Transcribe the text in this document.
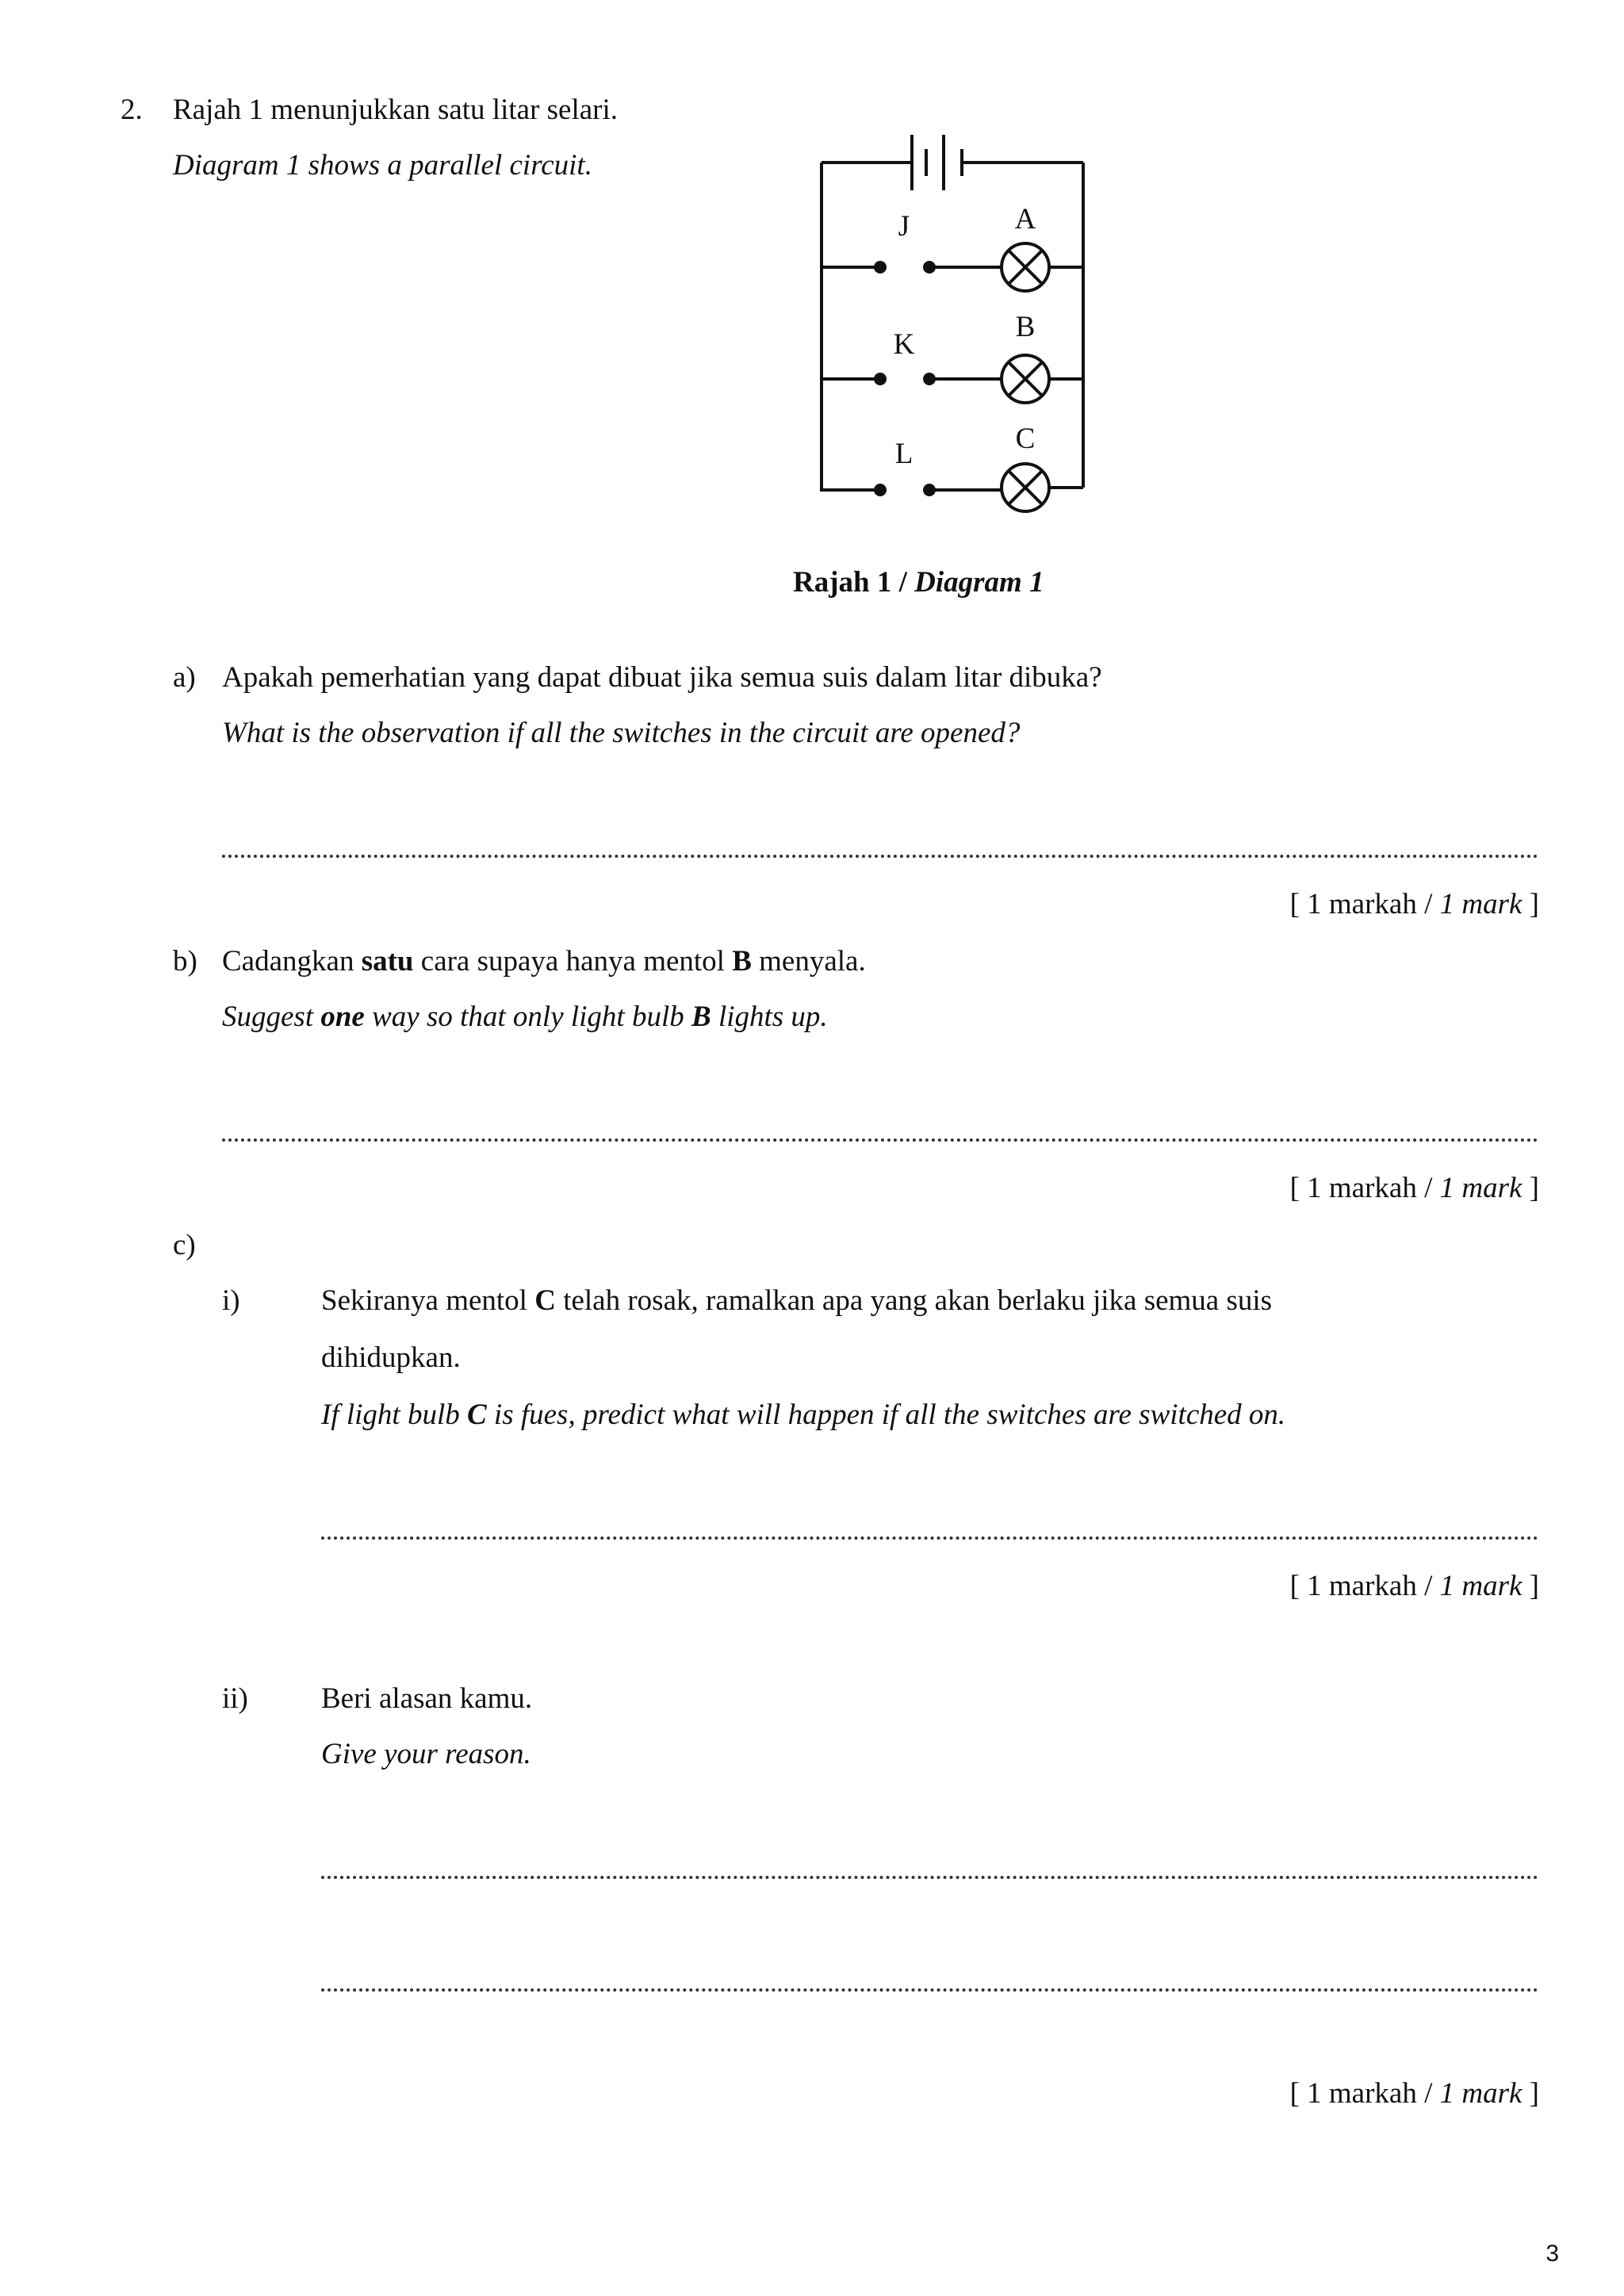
2. Rajah 1 menunjukkan satu litar selari.
Diagram 1 shows a parallel circuit.
J
K
L
A
B
C
Rajah 1 / Diagram 1
a) Apakah pemerhatian yang dapat dibuat jika semua suis dalam litar dibuka?
What is the observation if all the switches in the circuit are opened?
[ 1 markah / 1 mark ]
b) Cadangkan satu cara supaya hanya mentol B menyala.
Suggest one way so that only light bulb B lights up.
[ 1 markah / 1 mark ]
c)
i)	Sekiranya mentol C telah rosak, ramalkan apa yang akan berlaku jika semua suis
dihidupkan.
If light bulb C is fues, predict what will happen if all the switches are switched on.
[ 1 markah / 1 mark ]
ii) Beri alasan kamu.
Give your reason.
[ 1 markah / 1 mark ]
3
